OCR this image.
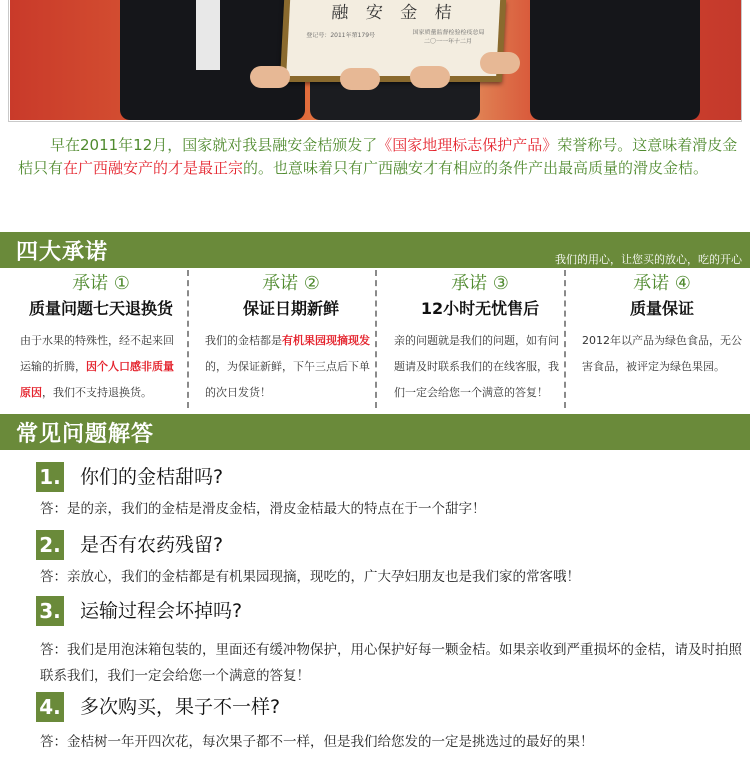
融 安 金 桔
登记号：2011年第179号	国家质量监督检验检疫总局
二〇一一年十二月
早在2011年12月，国家就对我县融安金桔颁发了《国家地理标志保护产品》荣誉称号。这意味着滑皮金桔只有在广西融安产的才是最正宗的。也意味着只有广西融安才有相应的条件产出最高质量的滑皮金桔。
四大承诺	我们的用心，让您买的放心，吃的开心
承诺 ①
质量问题七天退换货
由于水果的特殊性，经不起来回运输的折腾，因个人口感非质量原因，我们不支持退换货。
承诺 ②
保证日期新鲜
我们的金桔都是有机果园现摘现发的，为保证新鲜，下午三点后下单的次日发货！
承诺 ③
12小时无忧售后
亲的问题就是我们的问题，如有问题请及时联系我们的在线客服，我们一定会给您一个满意的答复！
承诺 ④
质量保证
2012年以产品为绿色食品，无公害食品，被评定为绿色果园。
常见问题解答
1. 你们的金桔甜吗?
答：是的亲，我们的金桔是滑皮金桔，滑皮金桔最大的特点在于一个甜字！
2. 是否有农药残留?
答：亲放心，我们的金桔都是有机果园现摘，现吃的，广大孕妇朋友也是我们家的常客哦！
3. 运输过程会坏掉吗?
答：我们是用泡沫箱包装的，里面还有缓冲物保护，用心保护好每一颗金桔。如果亲收到严重损坏的金桔，请及时拍照联系我们，我们一定会给您一个满意的答复！
4. 多次购买，果子不一样?
答：金桔树一年开四次花，每次果子都不一样，但是我们给您发的一定是挑选过的最好的果！
